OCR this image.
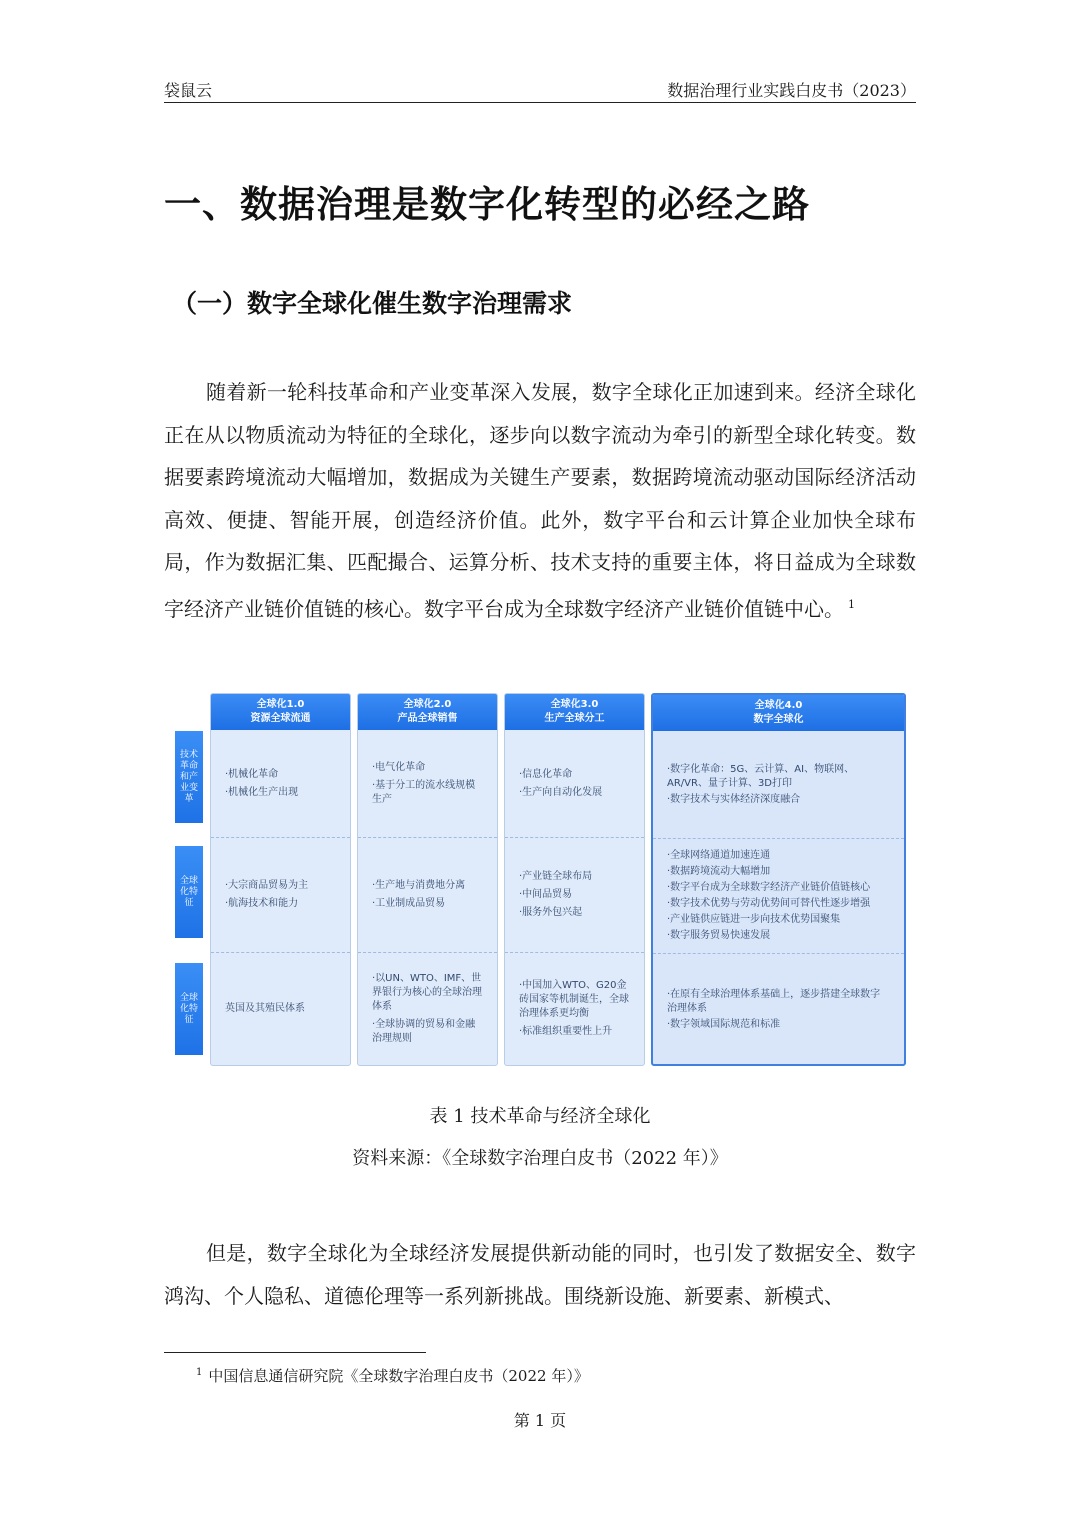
袋鼠云	数据治理行业实践白皮书（2023）
一、数据治理是数字化转型的必经之路
（一）数字全球化催生数字治理需求

随着新一轮科技革命和产业变革深入发展，数字全球化正加速到来。经济全球化正在从以物质流动为特征的全球化，逐步向以数字流动为牵引的新型全球化转变。数据要素跨境流动大幅增加，数据成为关键生产要素，数据跨境流动驱动国际经济活动高效、便捷、智能开展，创造经济价值。此外，数字平台和云计算企业加快全球布局，作为数据汇集、匹配撮合、运算分析、技术支持的重要主体，将日益成为全球数字经济产业链价值链的核心。数字平台成为全球数字经济产业链价值链中心。 $^1$

技术革命和产业变革
全球化特征
全球化特征
全球化1.0
资源全球流通
·机械化革命
·机械化生产出现
·大宗商品贸易为主
·航海技术和能力
英国及其殖民体系
全球化2.0
产品全球销售
·电气化革命
·基于分工的流水线规模生产
·生产地与消费地分离
·工业制成品贸易
·以UN、WTO、IMF、世界银行为核心的全球治理体系
·全球协调的贸易和金融治理规则
全球化3.0
生产全球分工
·信息化革命
·生产向自动化发展
·产业链全球布局
·中间品贸易
·服务外包兴起
·中国加入WTO、G20金砖国家等机制诞生，全球治理体系更均衡
·标准组织重要性上升
全球化4.0
数字全球化
·数字化革命：5G、云计算、AI、物联网、AR/VR、量子计算、3D打印
·数字技术与实体经济深度融合
·全球网络通道加速连通
·数据跨境流动大幅增加
·数字平台成为全球数字经济产业链价值链核心
·数字技术优势与劳动优势间可替代性逐步增强
·产业链供应链进一步向技术优势国聚集
·数字服务贸易快速发展
·在原有全球治理体系基础上，逐步搭建全球数字治理体系
·数字领域国际规范和标准
表 1 技术革命与经济全球化
资料来源：《全球数字治理白皮书（2022 年）》

但是，数字全球化为全球经济发展提供新动能的同时，也引发了数据安全、数字鸿沟、个人隐私、道德伦理等一系列新挑战。围绕新设施、新要素、新模式、

$^1$ 中国信息通信研究院《全球数字治理白皮书（2022 年）》
第 1 页
